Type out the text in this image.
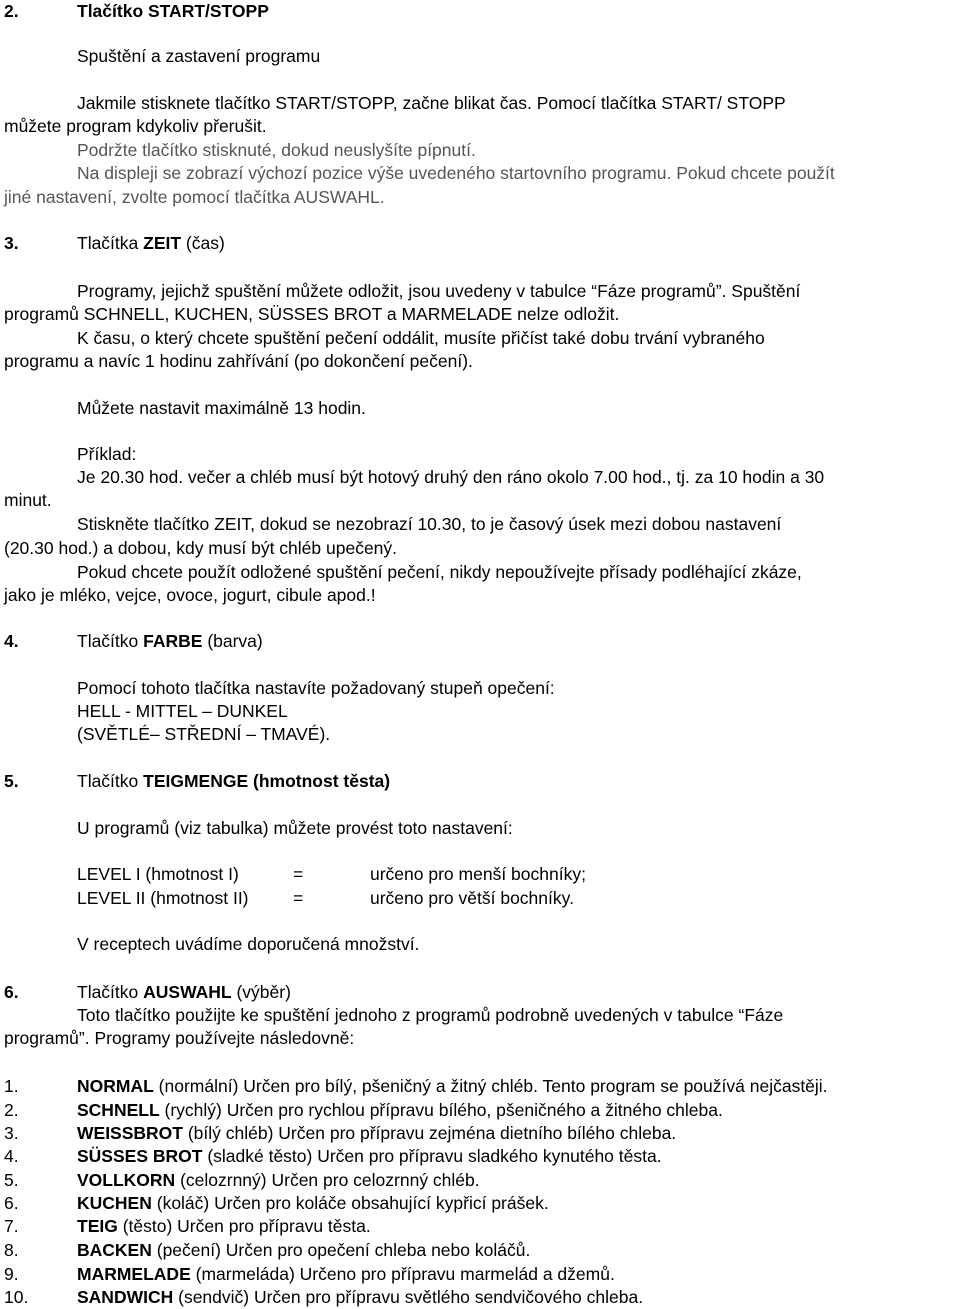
2.	Tlačítko START/STOPP
Spuštění a zastavení programu
Jakmile stisknete tlačítko START/STOPP, začne blikat čas. Pomocí tlačítka START/ STOPP
můžete program kdykoliv přerušit.
Podržte tlačítko stisknuté, dokud neuslyšíte pípnutí.
Na displeji se zobrazí výchozí pozice výše uvedeného startovního programu. Pokud chcete použít
jiné nastavení, zvolte pomocí tlačítka AUSWAHL.
3.	Tlačítka ZEIT (čas)
Programy, jejichž spuštění můžete odložit, jsou uvedeny v tabulce “Fáze programů”. Spuštění
programů SCHNELL, KUCHEN, SÜSSES BROT a MARMELADE nelze odložit.
K času, o který chcete spuštění pečení oddálit, musíte přičíst také dobu trvání vybraného
programu a navíc 1 hodinu zahřívání (po dokončení pečení).
Můžete nastavit maximálně 13 hodin.
Příklad:
Je 20.30 hod. večer a chléb musí být hotový druhý den ráno okolo 7.00 hod., tj. za 10 hodin a 30
minut.
Stiskněte tlačítko ZEIT, dokud se nezobrazí 10.30, to je časový úsek mezi dobou nastavení
(20.30 hod.) a dobou, kdy musí být chléb upečený.
Pokud chcete použít odložené spuštění pečení, nikdy nepoužívejte přísady podléhající zkáze,
jako je mléko, vejce, ovoce, jogurt, cibule apod.!
4.	Tlačítko FARBE (barva)
Pomocí tohoto tlačítka nastavíte požadovaný stupeň opečení:
HELL - MITTEL – DUNKEL
(SVĚTLÉ– STŘEDNÍ – TMAVÉ).
5.	Tlačítko TEIGMENGE (hmotnost těsta)
U programů (viz tabulka) můžete provést toto nastavení:
LEVEL I (hmotnost I)	=	určeno pro menší bochníky;
LEVEL II (hmotnost II)	=	určeno pro větší bochníky.
V receptech uvádíme doporučená množství.
6.	Tlačítko AUSWAHL (výběr)
Toto tlačítko použijte ke spuštění jednoho z programů podrobně uvedených v tabulce “Fáze
programů”. Programy používejte následovně:
1.	NORMAL (normální) Určen pro bílý, pšeničný a žitný chléb. Tento program se používá nejčastěji.
2.	SCHNELL (rychlý) Určen pro rychlou přípravu bílého, pšeničného a žitného chleba.
3.	WEISSBROT (bílý chléb) Určen pro přípravu zejména dietního bílého chleba.
4.	SÜSSES BROT (sladké těsto) Určen pro přípravu sladkého kynutého těsta.
5.	VOLLKORN (celozrnný) Určen pro celozrnný chléb.
6.	KUCHEN (koláč) Určen pro koláče obsahující kypřicí prášek.
7.	TEIG (těsto) Určen pro přípravu těsta.
8.	BACKEN (pečení) Určen pro opečení chleba nebo koláčů.
9.	MARMELADE (marmeláda) Určeno pro přípravu marmelád a džemů.
10.	SANDWICH (sendvič) Určen pro přípravu světlého sendvičového chleba.
